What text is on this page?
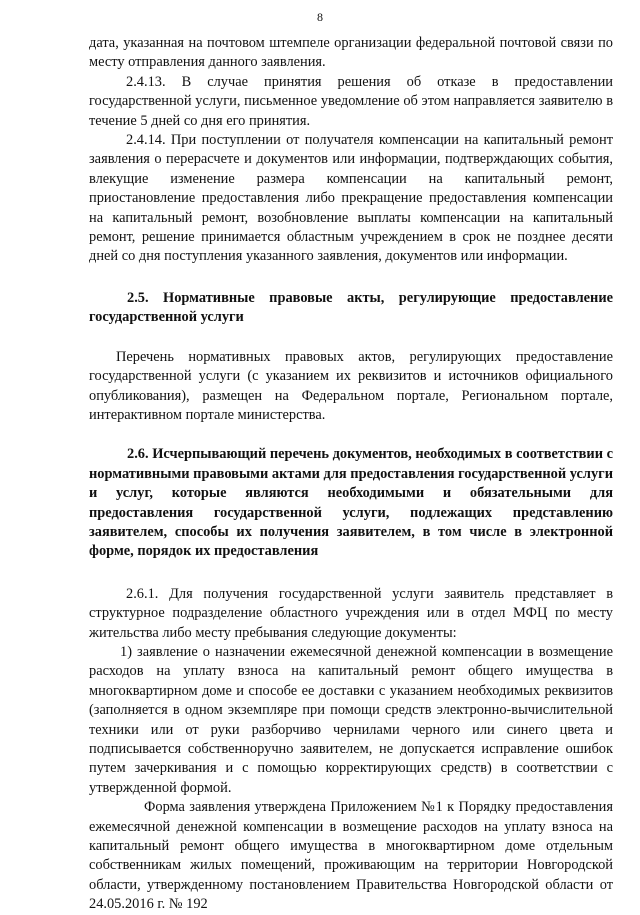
8

дата, указанная на почтовом штемпеле организации федеральной почтовой связи по месту отправления данного заявления.

2.4.13. В случае принятия решения об отказе в предоставлении государственной услуги, письменное уведомление об этом направляется заявителю в течение 5 дней со дня его принятия.

2.4.14. При поступлении от получателя компенсации на капитальный ремонт заявления о перерасчете и документов или информации, подтверждающих события, влекущие изменение размера компенсации на капитальный ремонт, приостановление предоставления либо прекращение предоставления компенсации на капитальный ремонт, возобновление выплаты компенсации на капитальный ремонт, решение принимается областным учреждением в срок не позднее десяти дней со дня поступления указанного заявления, документов или информации.

2.5. Нормативные правовые акты, регулирующие предоставление государственной услуги

Перечень нормативных правовых актов, регулирующих предоставление государственной услуги (с указанием их реквизитов и источников официального опубликования), размещен на Федеральном портале, Региональном портале, интерактивном портале министерства.

2.6. Исчерпывающий перечень документов, необходимых в соответствии с нормативными правовыми актами для предоставления государственной услуги и услуг, которые являются необходимыми и обязательными для предоставления государственной услуги, подлежащих представлению заявителем, способы их получения заявителем, в том числе в электронной форме, порядок их предоставления

2.6.1. Для получения государственной услуги заявитель представляет в структурное подразделение областного учреждения или в отдел МФЦ по месту жительства либо месту пребывания следующие документы:

1) заявление о назначении ежемесячной денежной компенсации в возмещение расходов на уплату взноса на капитальный ремонт общего имущества в многоквартирном доме и способе ее доставки с указанием необходимых реквизитов (заполняется в одном экземпляре при помощи средств электронно-вычислительной техники или от руки разборчиво чернилами черного или синего цвета и подписывается собственноручно заявителем, не допускается исправление ошибок путем зачеркивания и с помощью корректирующих средств) в соответствии с утвержденной формой.

Форма заявления утверждена Приложением №1 к Порядку предоставления ежемесячной денежной компенсации в возмещение расходов на уплату взноса на капитальный ремонт общего имущества в многоквартирном доме отдельным собственникам жилых помещений, проживающим на территории Новгородской области, утвержденному постановлением Правительства Новгородской области от 24.05.2016 г. № 192
